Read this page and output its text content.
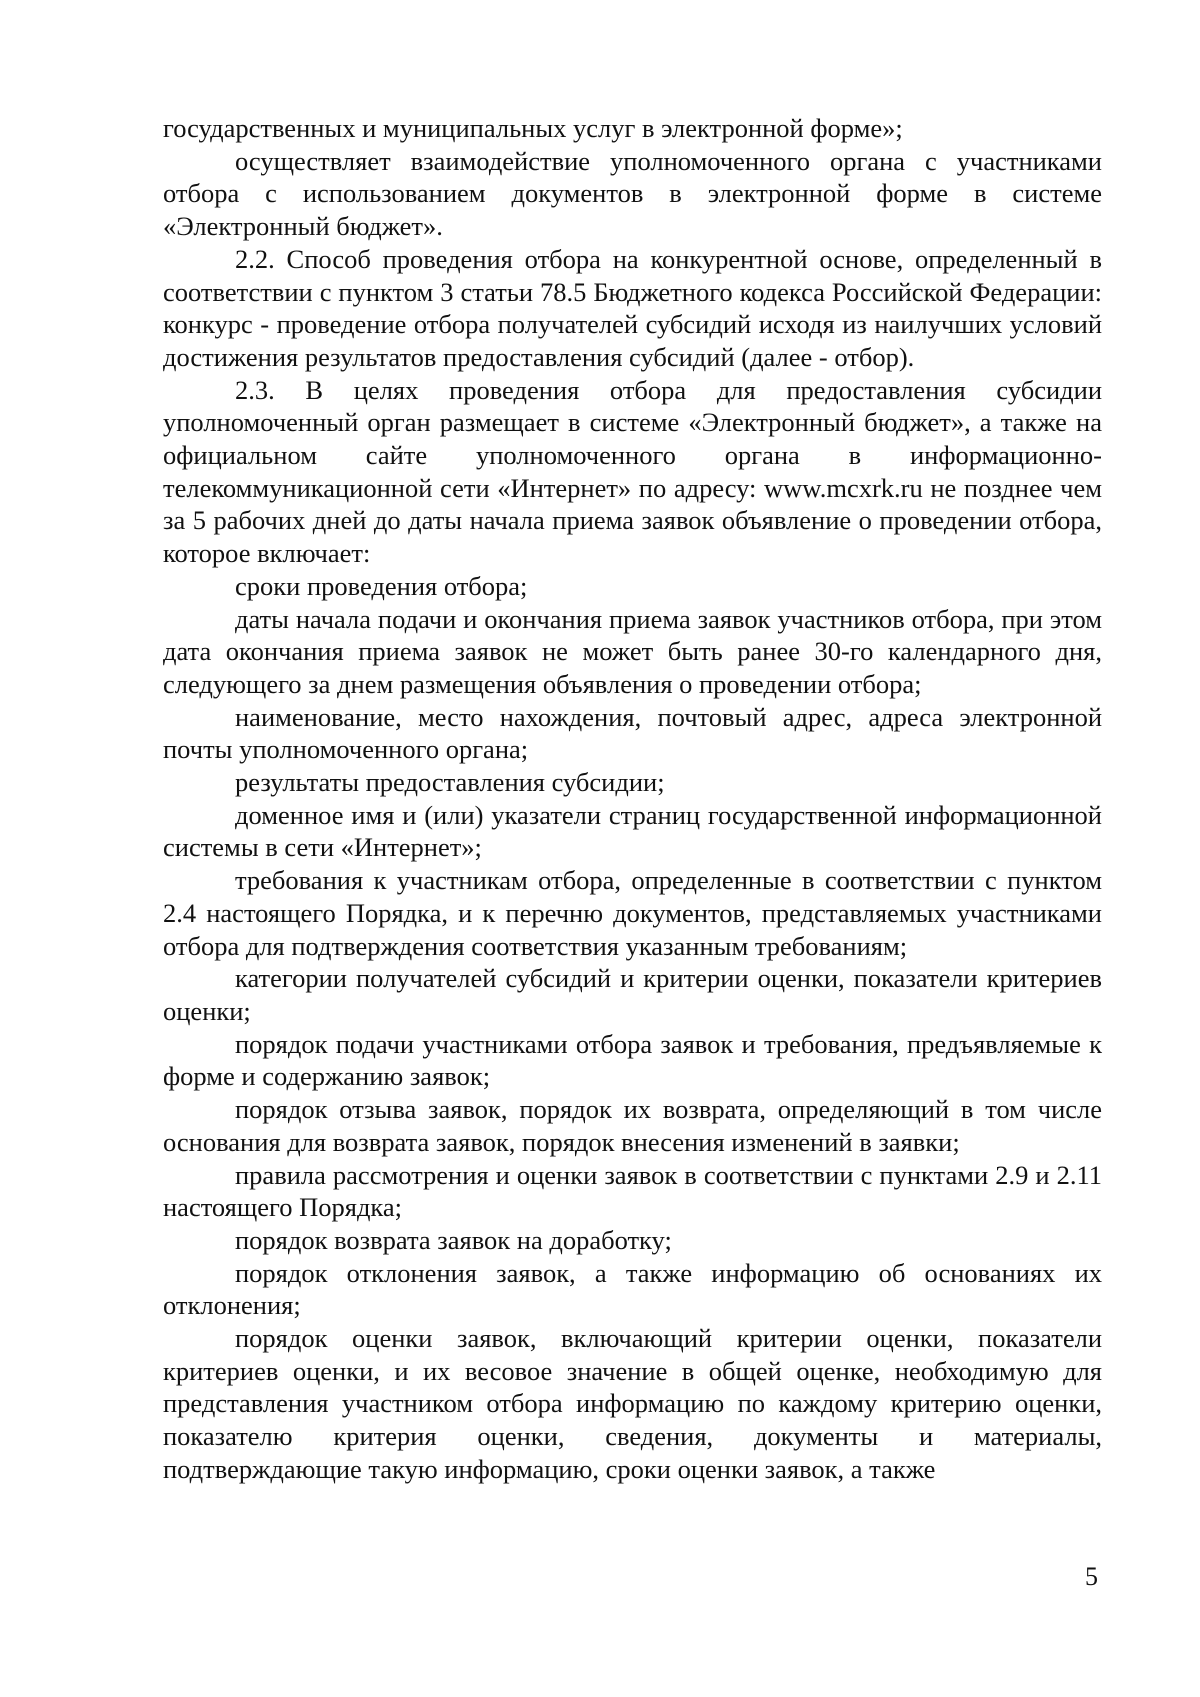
государственных и муниципальных услуг в электронной форме»;

осуществляет взаимодействие уполномоченного органа с участниками отбора с использованием документов в электронной форме в системе «Электронный бюджет».

2.2. Способ проведения отбора на конкурентной основе, определенный в соответствии с пунктом 3 статьи 78.5 Бюджетного кодекса Российской Федерации: конкурс - проведение отбора получателей субсидий исходя из наилучших условий достижения результатов предоставления субсидий (далее - отбор).

2.3. В целях проведения отбора для предоставления субсидии уполномоченный орган размещает в системе «Электронный бюджет», а также на официальном сайте уполномоченного органа в информационно-телекоммуникационной сети «Интернет» по адресу: www.mcxrk.ru не позднее чем за 5 рабочих дней до даты начала приема заявок объявление о проведении отбора, которое включает:

сроки проведения отбора;

даты начала подачи и окончания приема заявок участников отбора, при этом дата окончания приема заявок не может быть ранее 30-го календарного дня, следующего за днем размещения объявления о проведении отбора;

наименование, место нахождения, почтовый адрес, адреса электронной почты уполномоченного органа;

результаты предоставления субсидии;

доменное имя и (или) указатели страниц государственной информационной системы в сети «Интернет»;

требования к участникам отбора, определенные в соответствии с пунктом 2.4 настоящего Порядка, и к перечню документов, представляемых участниками отбора для подтверждения соответствия указанным требованиям;

категории получателей субсидий и критерии оценки, показатели критериев оценки;

порядок подачи участниками отбора заявок и требования, предъявляемые к форме и содержанию заявок;

порядок отзыва заявок, порядок их возврата, определяющий в том числе основания для возврата заявок, порядок внесения изменений в заявки;

правила рассмотрения и оценки заявок в соответствии с пунктами 2.9 и 2.11 настоящего Порядка;

порядок возврата заявок на доработку;

порядок отклонения заявок, а также информацию об основаниях их отклонения;

порядок оценки заявок, включающий критерии оценки, показатели критериев оценки, и их весовое значение в общей оценке, необходимую для представления участником отбора информацию по каждому критерию оценки, показателю критерия оценки, сведения, документы и материалы, подтверждающие такую информацию, сроки оценки заявок, а также

5
